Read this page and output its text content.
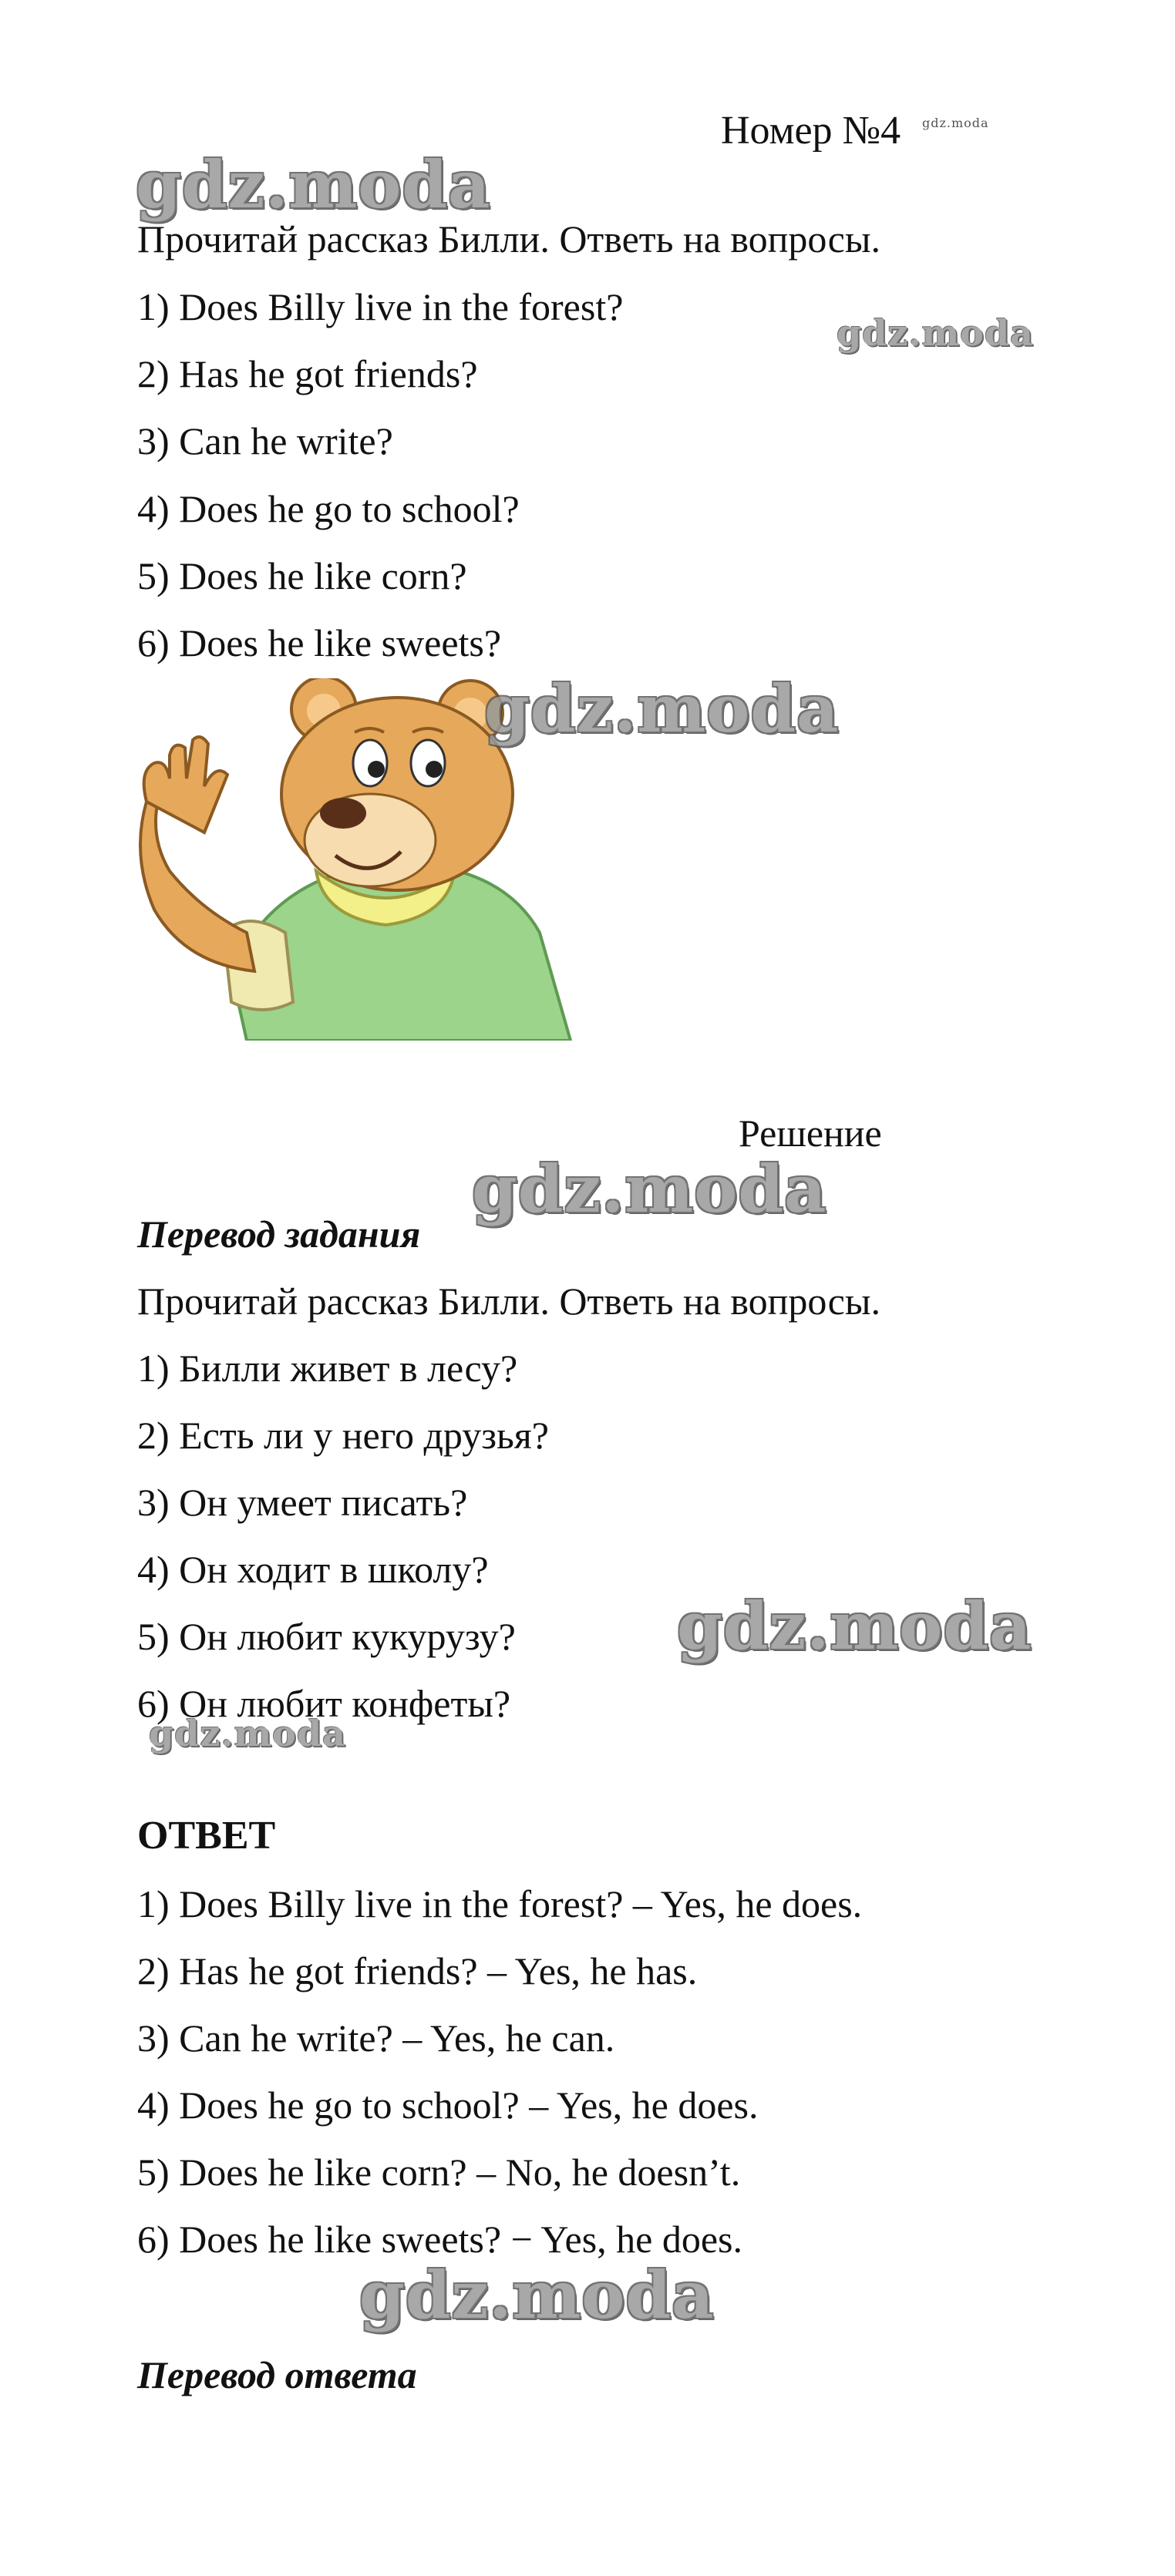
Номер №4 gdz.moda
gdz.moda
Прочитай рассказ Билли. Ответь на вопросы.
1) Does Billy live in the forest?
gdz.moda
2) Has he got friends?
3) Can he write?
4) Does he go to school?
5) Does he like corn?
6) Does he like sweets?
gdz.moda
Решение
gdz.moda
Перевод задания
Прочитай рассказ Билли. Ответь на вопросы.
1) Билли живет в лесу?
2) Есть ли у него друзья?
3) Он умеет писать?
4) Он ходит в школу?
gdz.moda
5) Он любит кукурузу?
6) Он любит конфеты?
gdz.moda
ОТВЕТ
1) Does Billy live in the forest? – Yes, he does.
2) Has he got friends? – Yes, he has.
3) Can he write? – Yes, he can.
4) Does he go to school? – Yes, he does.
5) Does he like corn? – No, he doesn’t.
6) Does he like sweets? − Yes, he does.
gdz.moda
Перевод ответа
